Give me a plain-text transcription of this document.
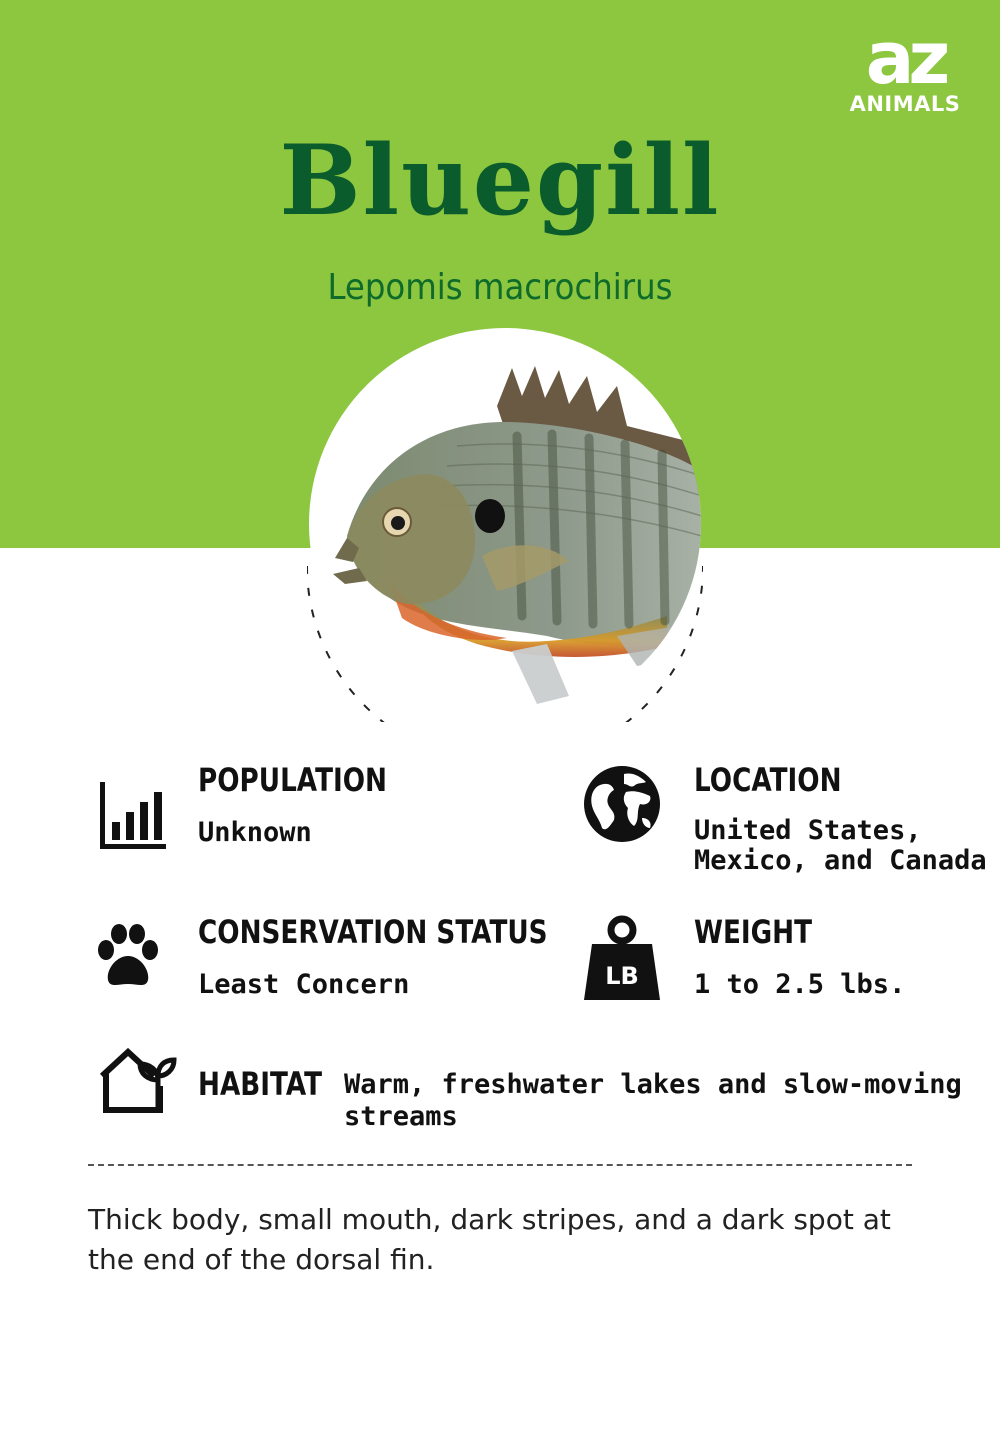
az
ANIMALS
Bluegill
Lepomis macrochirus
POPULATION
Unknown
LOCATION
United States,
Mexico, and Canada
CONSERVATION STATUS
Least Concern	LB
WEIGHT
1 to 2.5 lbs.
HABITAT Warm, freshwater lakes and slow-moving
streams
Thick body, small mouth, dark stripes, and a dark spot at the end of the dorsal fin.
